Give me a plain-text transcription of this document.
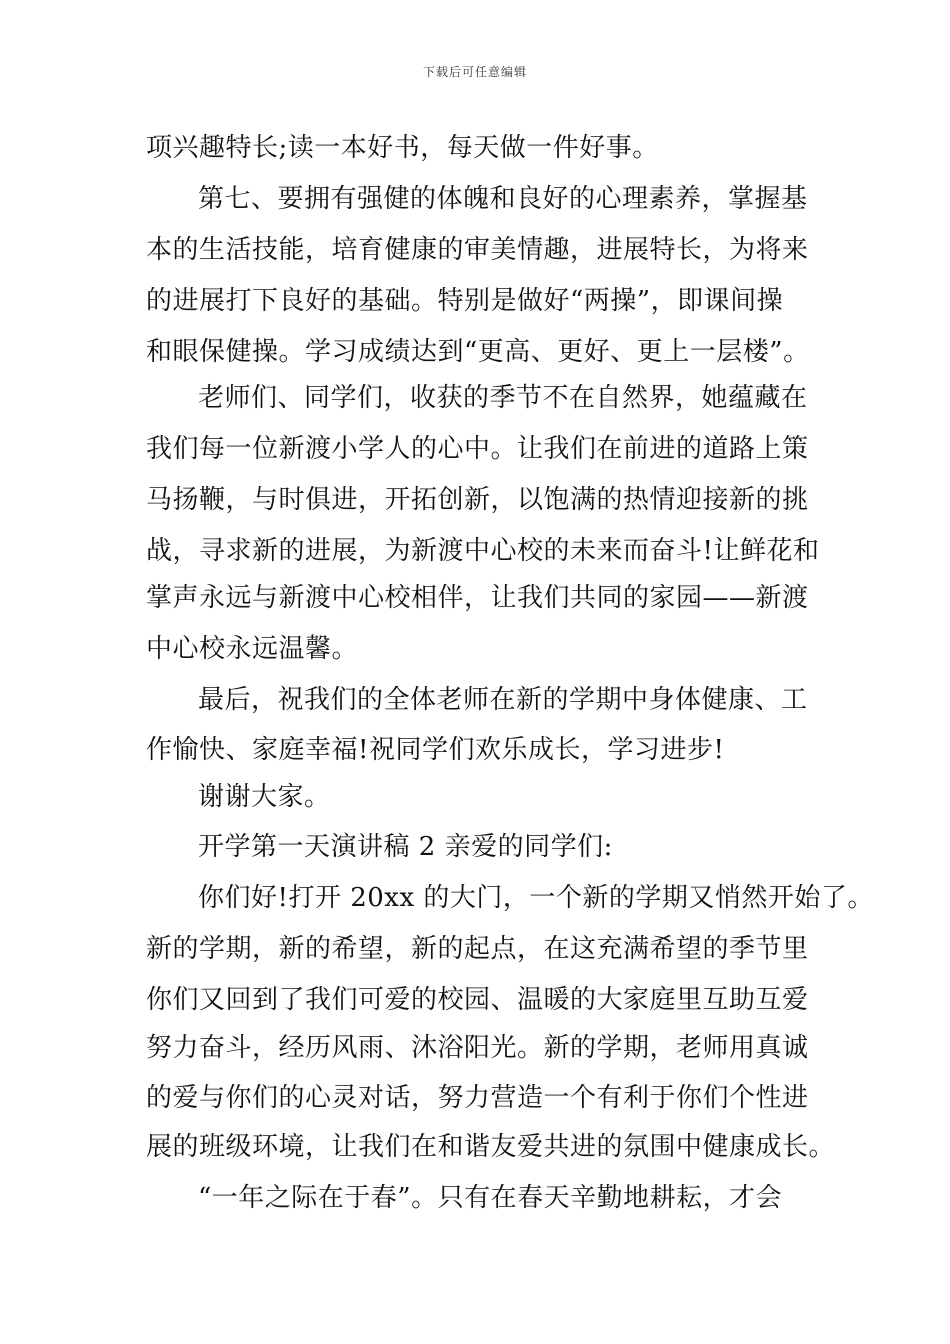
下载后可任意编辑
项兴趣特长;读一本好书，每天做一件好事。
第七、要拥有强健的体魄和良好的心理素养，掌握基
本的生活技能，培育健康的审美情趣，进展特长，为将来
的进展打下良好的基础。特别是做好“两操”，即课间操
和眼保健操。学习成绩达到“更高、更好、更上一层楼”。
老师们、同学们，收获的季节不在自然界，她蕴藏在
我们每一位新渡小学人的心中。让我们在前进的道路上策
马扬鞭，与时俱进，开拓创新，以饱满的热情迎接新的挑
战，寻求新的进展，为新渡中心校的未来而奋斗!让鲜花和
掌声永远与新渡中心校相伴，让我们共同的家园——新渡
中心校永远温馨。
最后，祝我们的全体老师在新的学期中身体健康、工
作愉快、家庭幸福!祝同学们欢乐成长，学习进步!
谢谢大家。
开学第一天演讲稿 2 亲爱的同学们:
你们好!打开 20xx 的大门，一个新的学期又悄然开始了。
新的学期，新的希望，新的起点，在这充满希望的季节里
你们又回到了我们可爱的校园、温暖的大家庭里互助互爱
努力奋斗，经历风雨、沐浴阳光。新的学期，老师用真诚
的爱与你们的心灵对话，努力营造一个有利于你们个性进
展的班级环境，让我们在和谐友爱共进的氛围中健康成长。
“一年之际在于春”。只有在春天辛勤地耕耘，才会
